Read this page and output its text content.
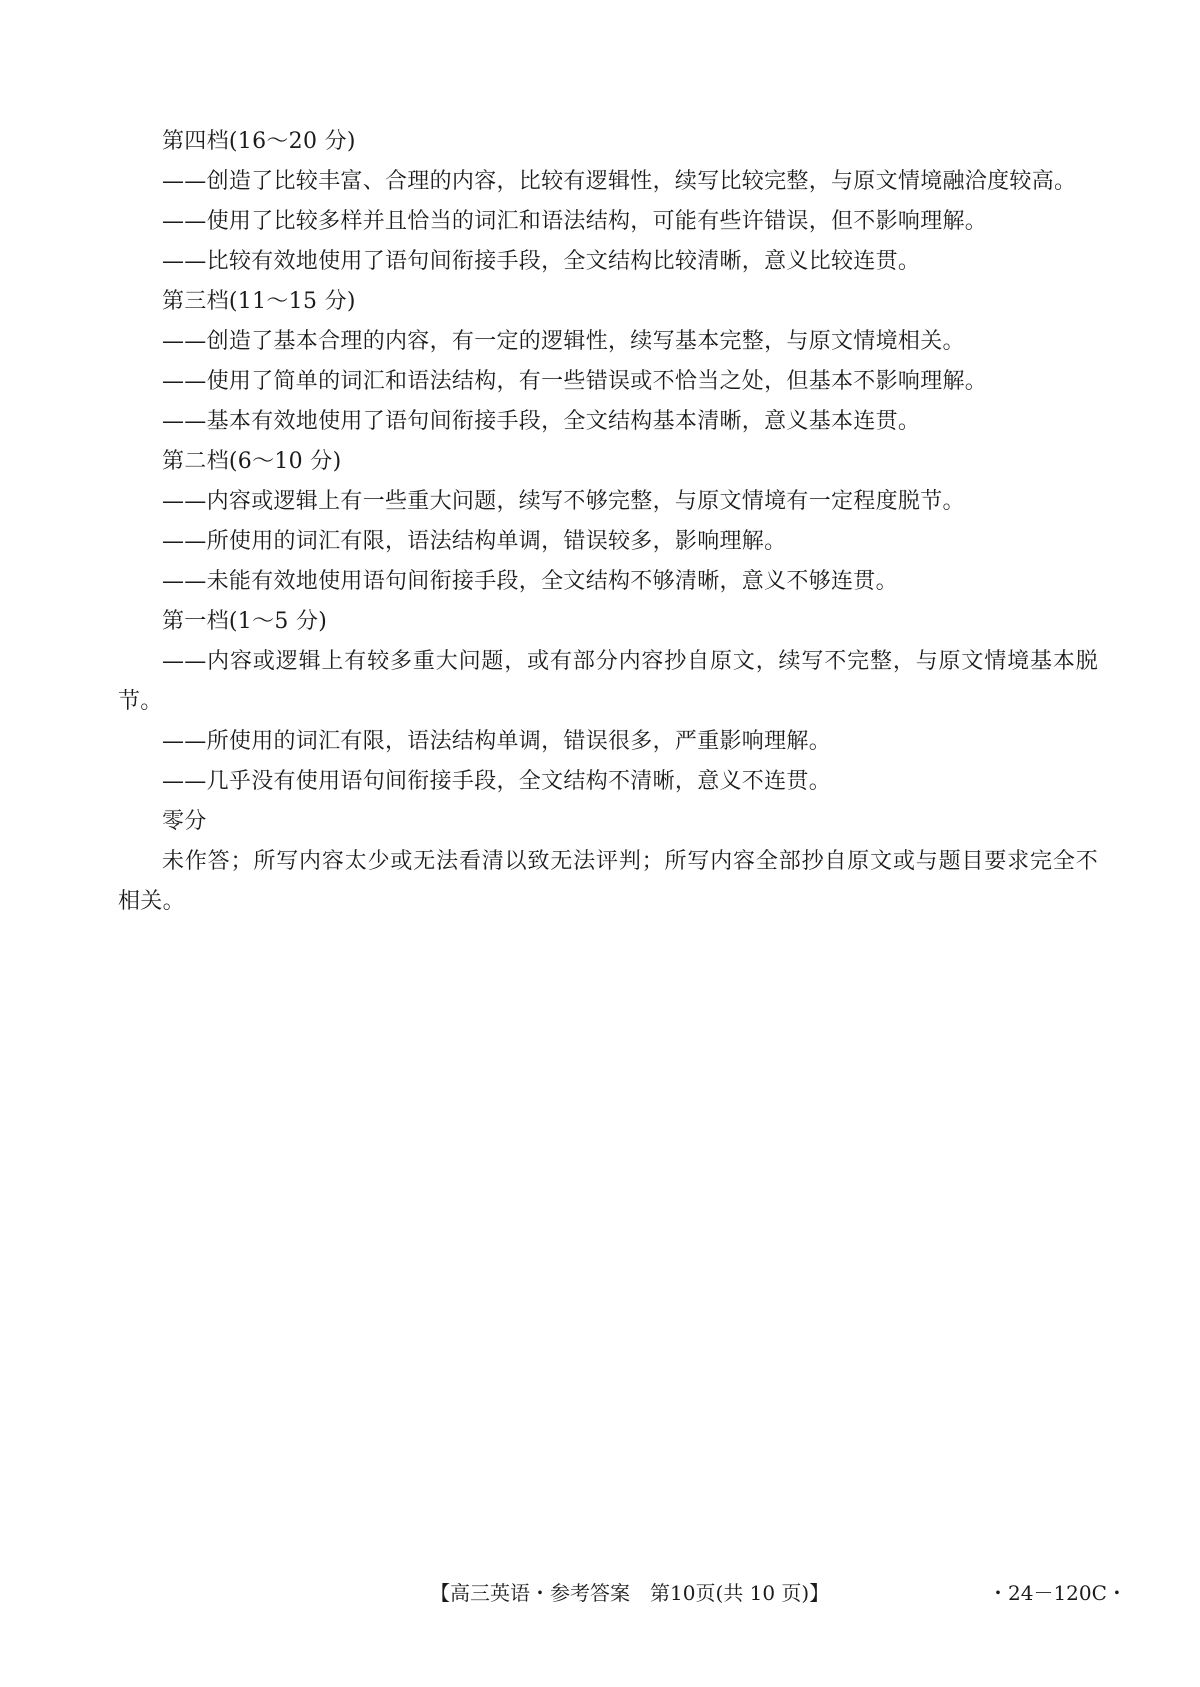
第四档(16～20 分)
——创造了比较丰富、合理的内容，比较有逻辑性，续写比较完整，与原文情境融洽度较高。
——使用了比较多样并且恰当的词汇和语法结构，可能有些许错误，但不影响理解。
——比较有效地使用了语句间衔接手段，全文结构比较清晰，意义比较连贯。
第三档(11～15 分)
——创造了基本合理的内容，有一定的逻辑性，续写基本完整，与原文情境相关。
——使用了简单的词汇和语法结构，有一些错误或不恰当之处，但基本不影响理解。
——基本有效地使用了语句间衔接手段，全文结构基本清晰，意义基本连贯。
第二档(6～10 分)
——内容或逻辑上有一些重大问题，续写不够完整，与原文情境有一定程度脱节。
——所使用的词汇有限，语法结构单调，错误较多，影响理解。
——未能有效地使用语句间衔接手段，全文结构不够清晰，意义不够连贯。
第一档(1～5 分)
——内容或逻辑上有较多重大问题，或有部分内容抄自原文，续写不完整，与原文情境基本脱节。
——所使用的词汇有限，语法结构单调，错误很多，严重影响理解。
——几乎没有使用语句间衔接手段，全文结构不清晰，意义不连贯。
零分
未作答；所写内容太少或无法看清以致无法评判；所写内容全部抄自原文或与题目要求完全不相关。
【高三英语・参考答案　第10页(共 10 页)】	・24－120C・
